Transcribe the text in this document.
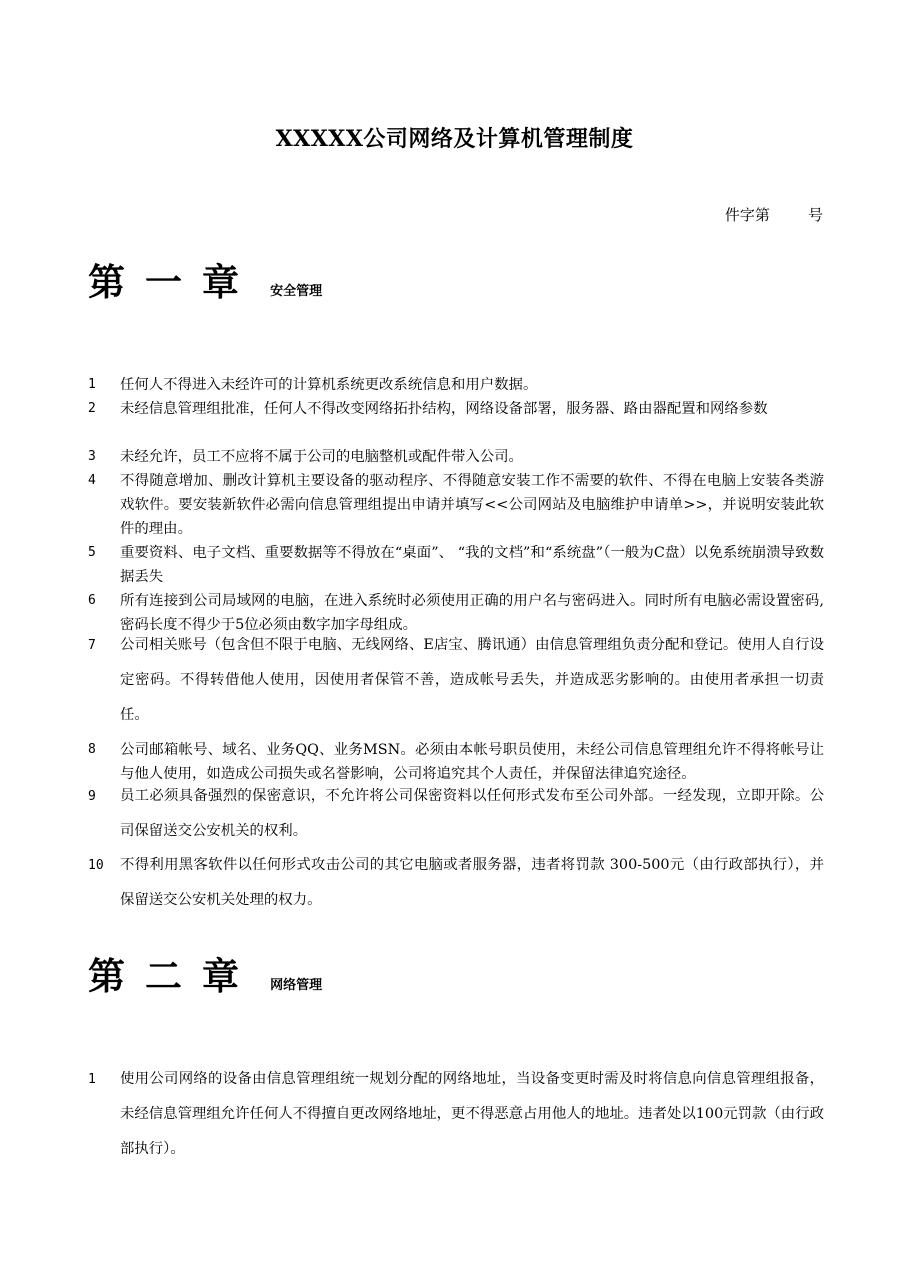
XXXXX公司网络及计算机管理制度
件字第        号
第一章 安全管理
1	任何人不得进入未经许可的计算机系统更改系统信息和用户数据。
2	未经信息管理组批准，任何人不得改变网络拓扑结构，网络设备部署，服务器、路由器配置和网络参数
3	未经允许，员工不应将不属于公司的电脑整机或配件带入公司。
4	不得随意增加、删改计算机主要设备的驱动程序、不得随意安装工作不需要的软件、不得在电脑上安装各类游戏软件。要安装新软件必需向信息管理组提出申请并填写<<公司网站及电脑维护申请单>>，并说明安装此软件的理由。
5	重要资料、电子文档、重要数据等不得放在“桌面”、 “我的文档”和“系统盘”（一般为C盘）以免系统崩溃导致数据丢失
6	所有连接到公司局域网的电脑，在进入系统时必须使用正确的用户名与密码进入。同时所有电脑必需设置密码,密码长度不得少于5位必须由数字加字母组成。
7	公司相关账号（包含但不限于电脑、无线网络、E店宝、腾讯通）由信息管理组负责分配和登记。使用人自行设定密码。不得转借他人使用，因使用者保管不善，造成帐号丢失，并造成恶劣影响的。由使用者承担一切责任。
8	公司邮箱帐号、域名、业务QQ、业务MSN。必须由本帐号职员使用，未经公司信息管理组允许不得将帐号让与他人使用，如造成公司损失或名誉影响，公司将追究其个人责任，并保留法律追究途径。
9	员工必须具备强烈的保密意识，不允许将公司保密资料以任何形式发布至公司外部。一经发现，立即开除。公司保留送交公安机关的权利。
10	不得利用黑客软件以任何形式攻击公司的其它电脑或者服务器，违者将罚款 300-500元（由行政部执行），并保留送交公安机关处理的权力。
第二章 网络管理
1	使用公司网络的设备由信息管理组统一规划分配的网络地址，当设备变更时需及时将信息向信息管理组报备，未经信息管理组允许任何人不得擅自更改网络地址，更不得恶意占用他人的地址。违者处以100元罚款（由行政部执行）。
